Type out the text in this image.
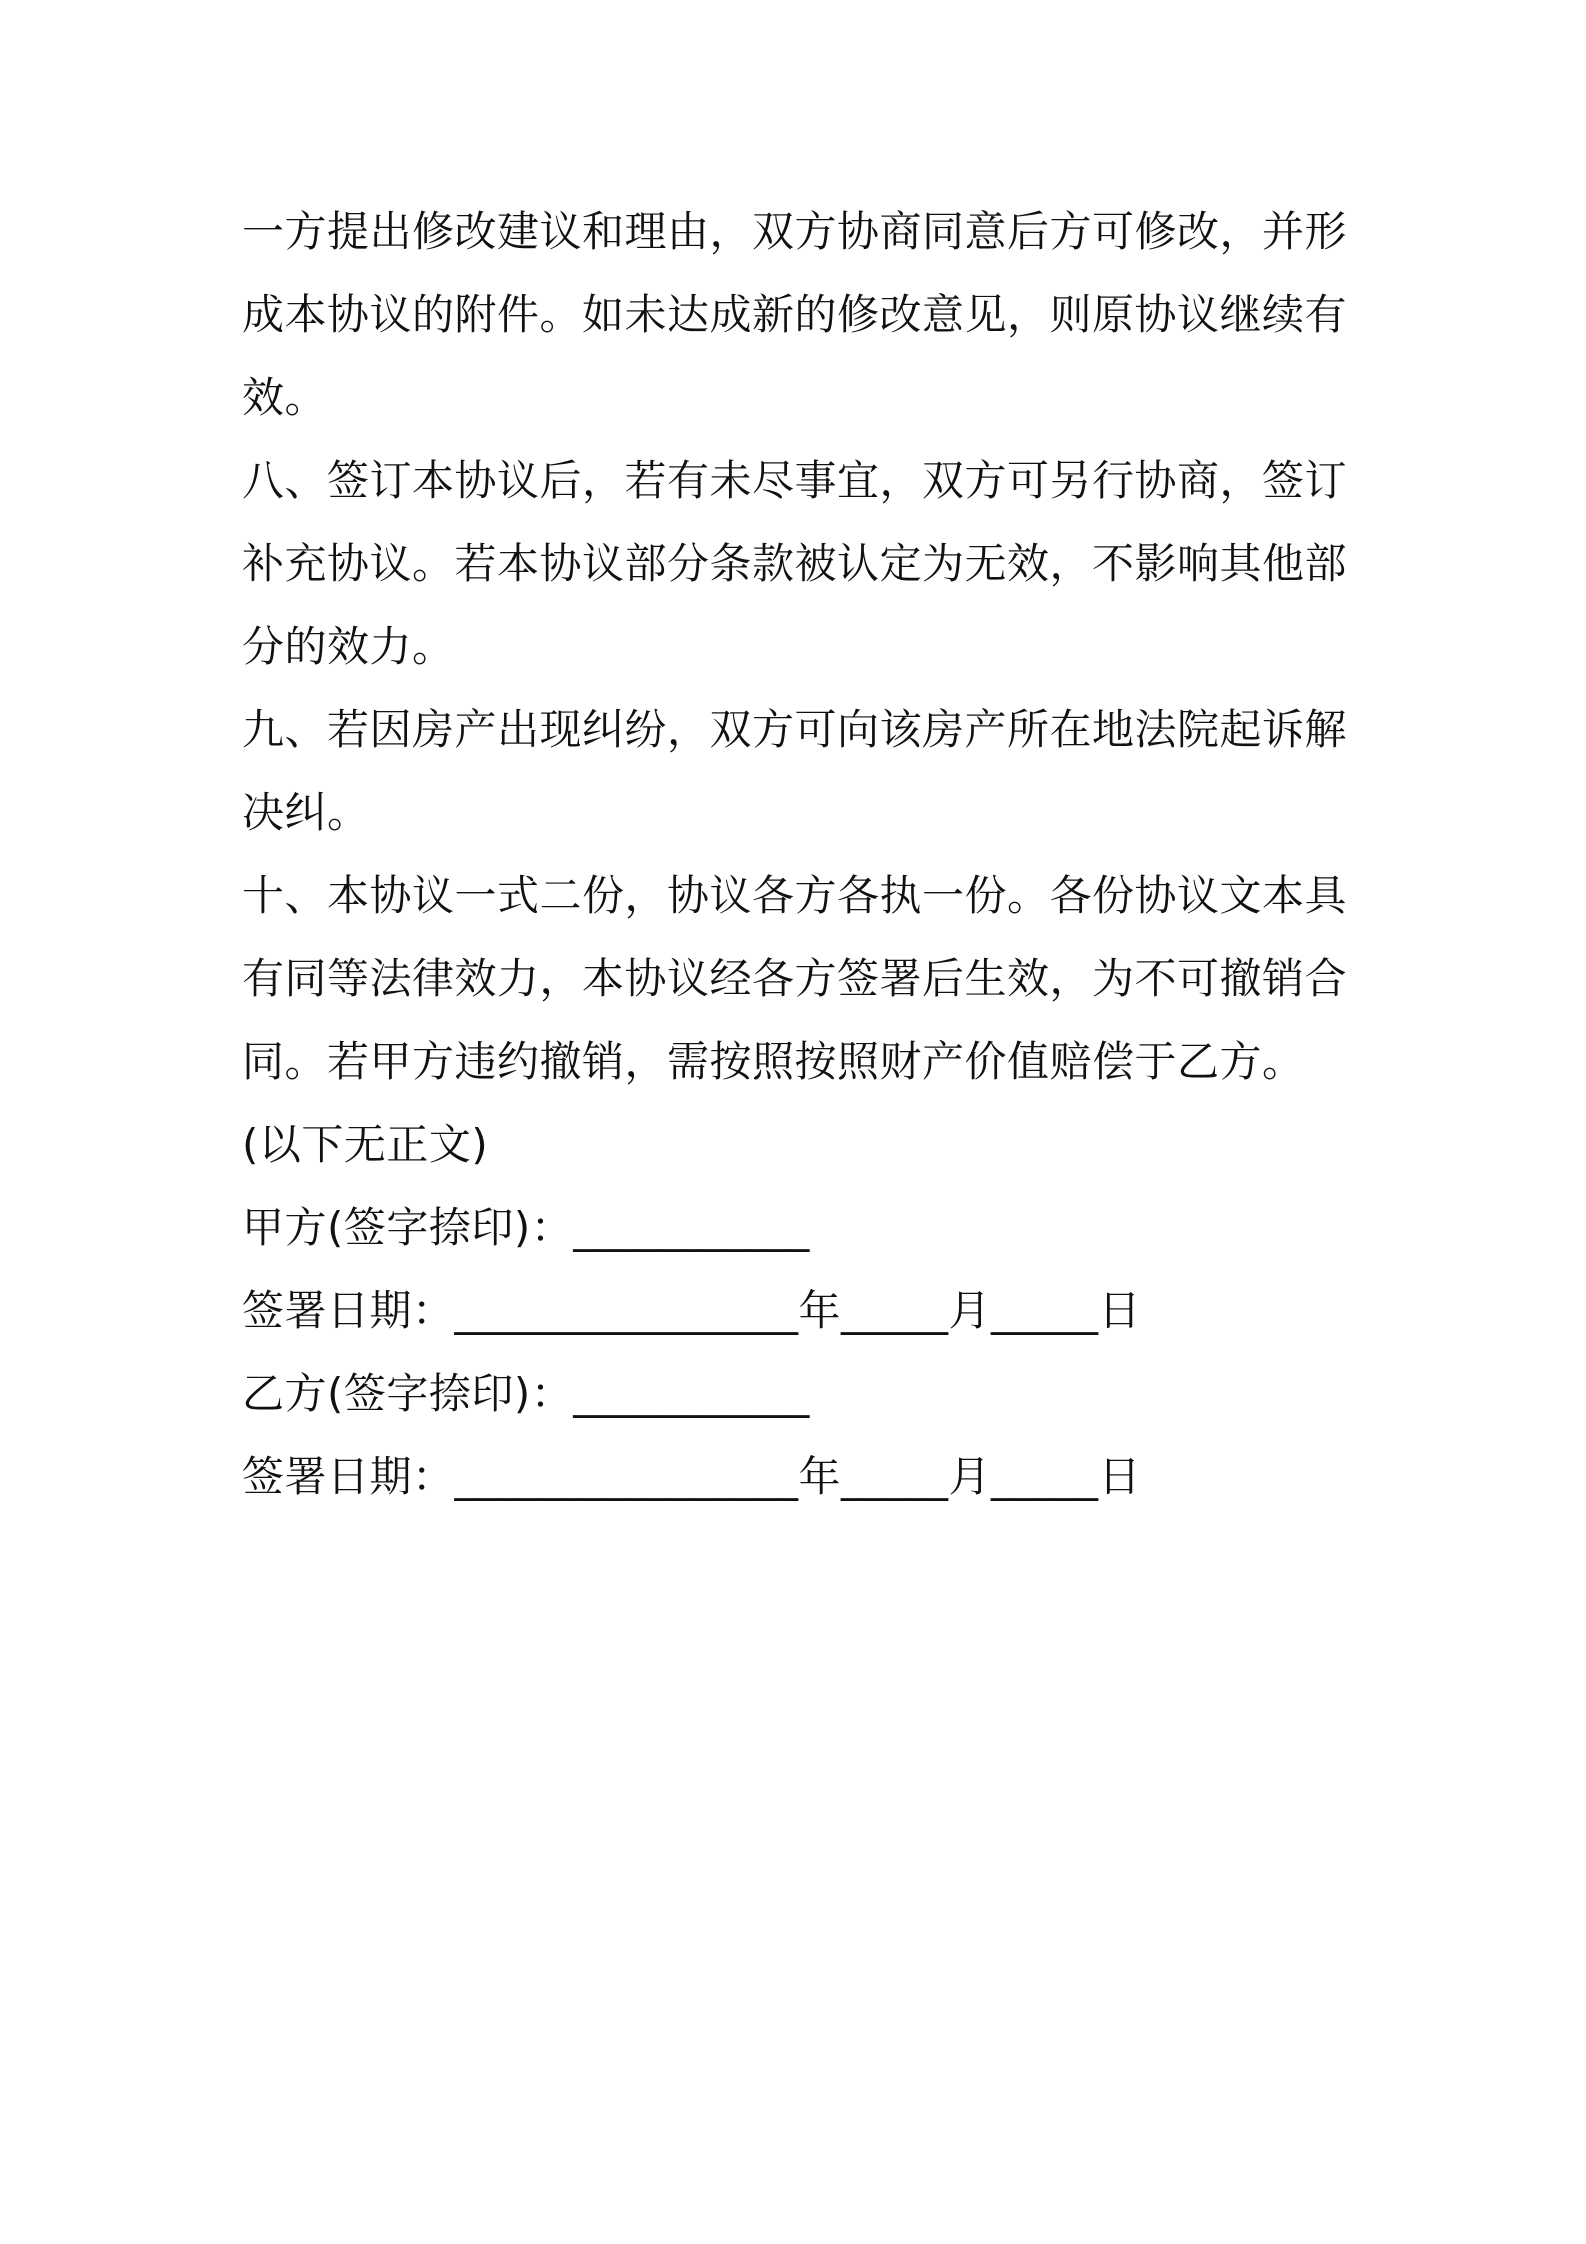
一方提出修改建议和理由，双方协商同意后方可修改，并形
成本协议的附件。如未达成新的修改意见，则原协议继续有
效。
八、签订本协议后，若有未尽事宜，双方可另行协商，签订
补充协议。若本协议部分条款被认定为无效，不影响其他部
分的效力。
九、若因房产出现纠纷，双方可向该房产所在地法院起诉解
决纠。
十、本协议一式二份，协议各方各执一份。各份协议文本具
有同等法律效力，本协议经各方签署后生效，为不可撤销合
同。若甲方违约撤销，需按照按照财产价值赔偿于乙方。
(以下无正文)
甲方(签字捺印)：___________
签署日期：________________年_____月_____日
乙方(签字捺印)：___________
签署日期：________________年_____月_____日
